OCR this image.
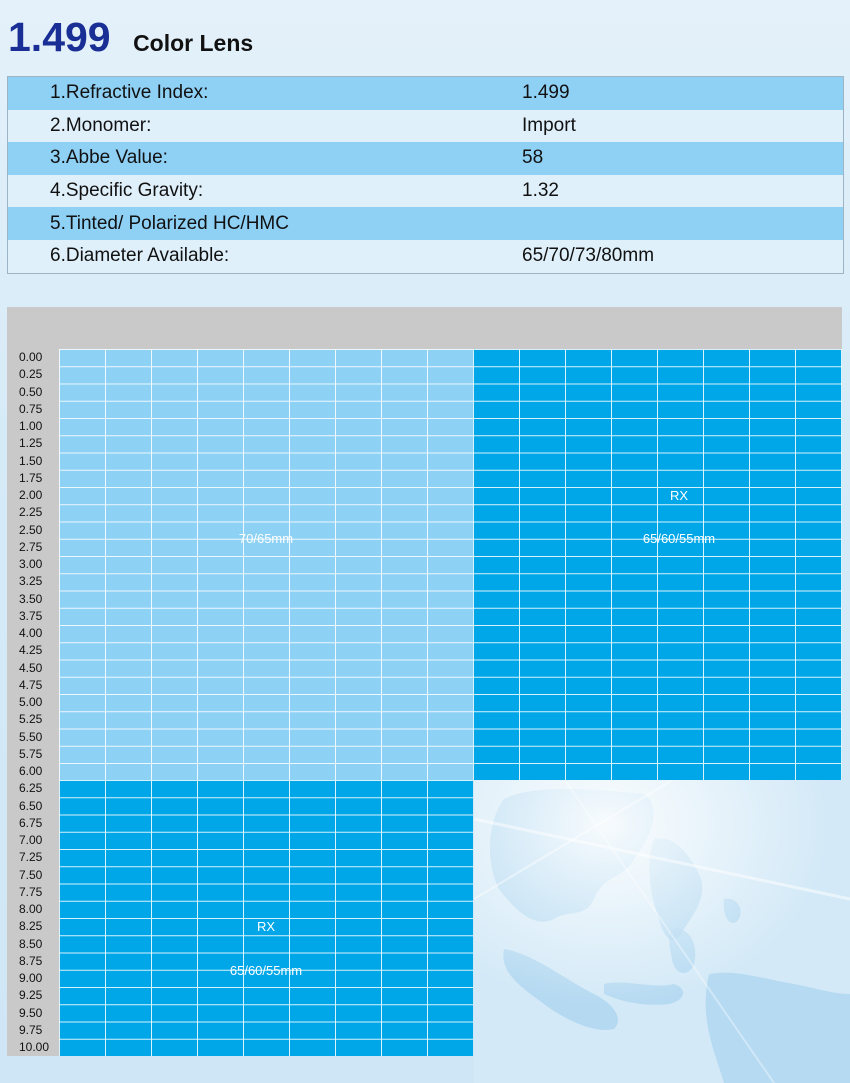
1.499 Color Lens
1.Refractive Index:	1.499
2.Monomer:	Import
3.Abbe Value:	58
4.Specific Gravity:	1.32
5.Tinted/ Polarized HC/HMC
6.Diameter Available:	65/70/73/80mm
0.00
0.25
0.50
0.75
1.00
1.25
1.50
1.75
2.00
2.25
2.50
2.75
3.00
3.25
3.50
3.75
4.00
4.25
4.50
4.75
5.00
5.25
5.50
5.75
6.00
6.25
6.50
6.75
7.00
7.25
7.50
7.75
8.00
8.25
8.50
8.75
9.00
9.25
9.50
9.75
10.00
70/65mm
RX
65/60/55mm
RX
65/60/55mm
